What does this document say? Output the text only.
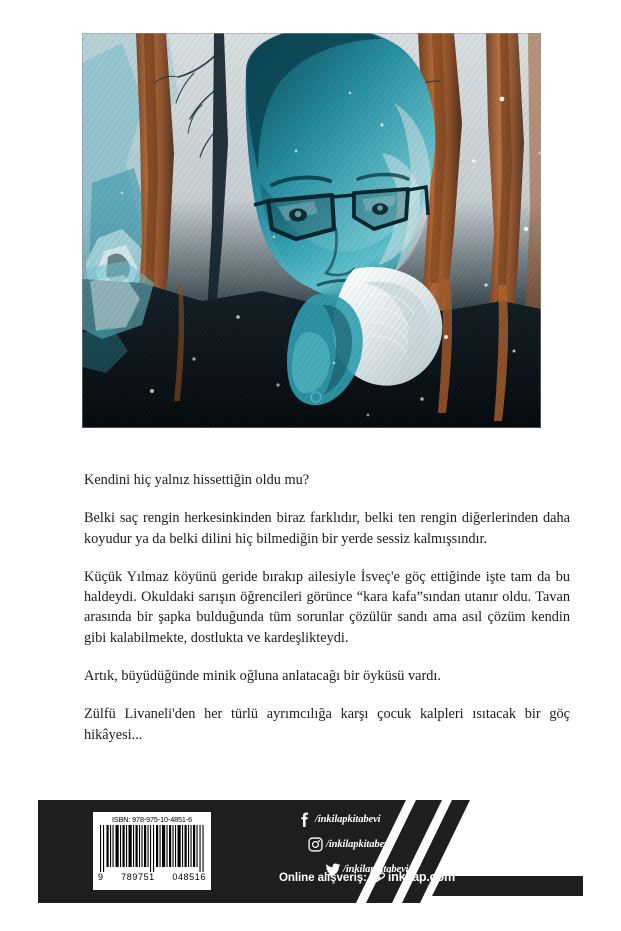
Kendini hiç yalnız hissettiğin oldu mu?

Belki saç rengin herkesinkinden biraz farklıdır, belki ten rengin diğerlerinden daha koyudur ya da belki dilini hiç bilmediğin bir yerde sessiz kalmışsındır.

Küçük Yılmaz köyünü geride bırakıp ailesiyle İsveç'e göç ettiğinde işte tam da bu haldeydi. Okuldaki sarışın öğrencileri görünce “kara kafa”sından utanır oldu. Tavan arasında bir şapka bulduğunda tüm sorunlar çözülür sandı ama asıl çözüm kendin gibi kalabilmekte, dostlukta ve kardeşlikteydi.

Artık, büyüdüğünde minik oğluna anlatacağı bir öyküsü vardı.

Zülfü Livaneli'den her türlü ayrımcılığa karşı çocuk kalpleri ısıtacak bir göç hikâyesi...

ISBN: 978-975-10-4851-6
9 789751 048516
/inkilapkitabevi
/inkilapkitabevi
/inkilapkitabevi
Online alışveriş: inkilap.com
